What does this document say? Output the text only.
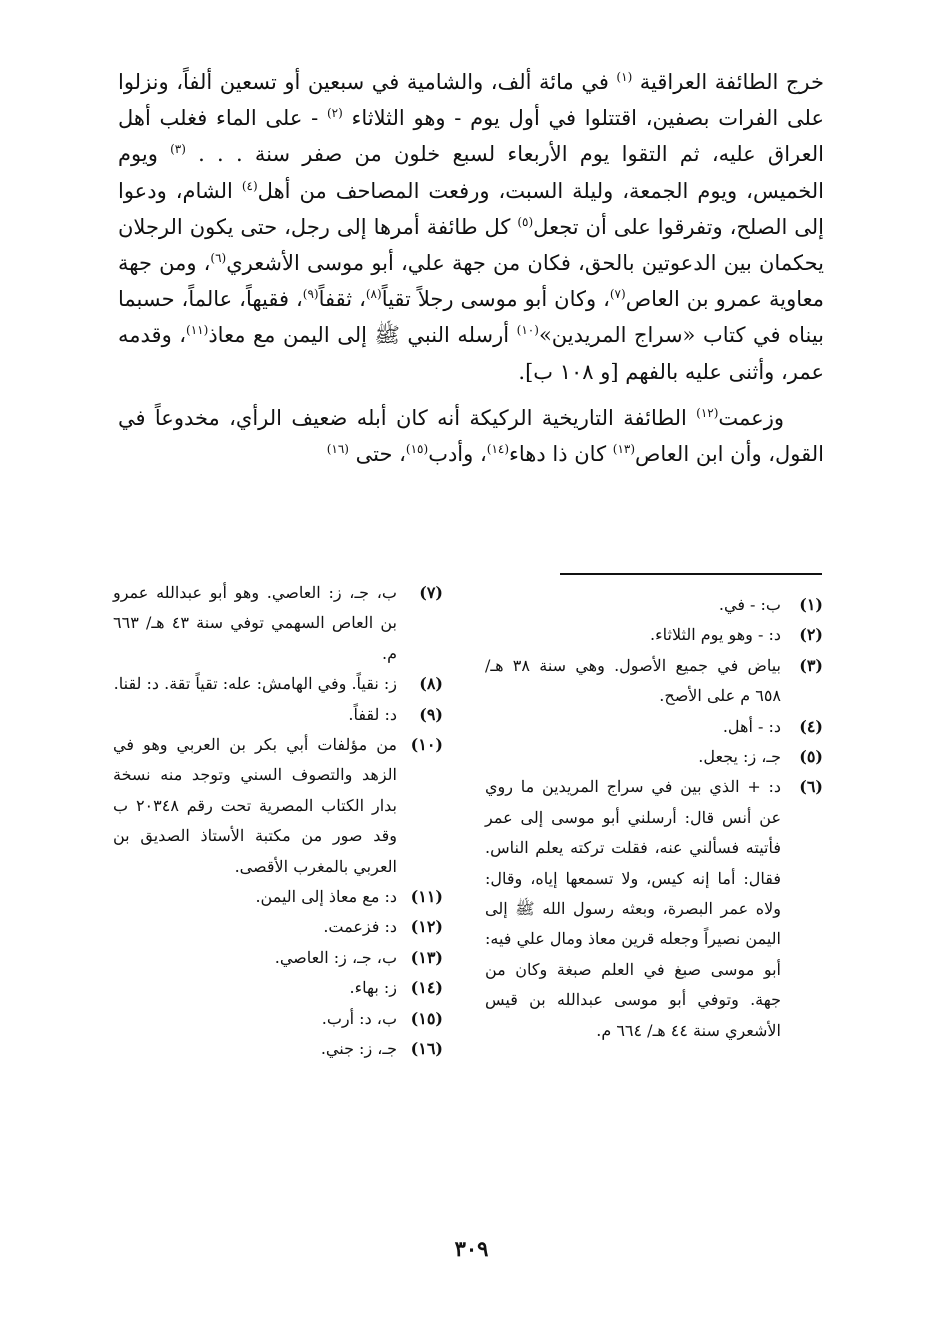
خرج الطائفة العراقية $^{(١)}$ في مائة ألف، والشامية في سبعين أو تسعين ألفاً، ونزلوا على الفرات بصفين، اقتتلوا في أول يوم - وهو الثلاثاء $^{(٢)}$ - على الماء فغلب أهل العراق عليه، ثم التقوا يوم الأربعاء لسبع خلون من صفر سنة . . . $^{(٣)}$ ويوم الخميس، ويوم الجمعة، وليلة السبت، ورفعت المصاحف من أهل$^{(٤)}$ الشام، ودعوا إلى الصلح، وتفرقوا على أن تجعل$^{(٥)}$ كل طائفة أمرها إلى رجل، حتى يكون الرجلان يحكمان بين الدعوتين بالحق، فكان من جهة علي، أبو موسى الأشعري$^{(٦)}$، ومن جهة معاوية عمرو بن العاص$^{(٧)}$، وكان أبو موسى رجلاً تقياً$^{(٨)}$، ثقفاً$^{(٩)}$، فقيهاً، عالماً، حسبما بيناه في كتاب «سراج المريدين»$^{(١٠)}$ أرسله النبي ﷺ إلى اليمن مع معاذ$^{(١١)}$، وقدمه عمر، وأثنى عليه بالفهم [و ١٠٨ ب].

وزعمت$^{(١٢)}$ الطائفة التاريخية الركيكة أنه كان أبله ضعيف الرأي، مخدوعاً في القول، وأن ابن العاص$^{(١٣)}$ كان ذا دهاء$^{(١٤)}$، وأدب$^{(١٥)}$، حتى $^{(١٦)}$

(١)
ب: - في.
(٢)
د: - وهو يوم الثلاثاء.
(٣)
بياض في جميع الأصول. وهي سنة ٣٨ هـ/ ٦٥٨ م على الأصح.
(٤)
د: - أهل.
(٥)
جـ، ز: يجعل.
(٦)
د: + الذي بين في سراج المريدين ما روي عن أنس قال: أرسلني أبو موسى إلى عمر فأتيته فسألني عنه، فقلت تركته يعلم الناس. فقال: أما إنه كيس، ولا تسمعها إياه، وقال: ولاه عمر البصرة، وبعثه رسول الله ﷺ إلى اليمن نصيراً وجعله قرين معاذ ومال علي فيه: أبو موسى صبغ في العلم صبغة وكان من جهة. وتوفي أبو موسى عبدالله بن قيس الأشعري سنة ٤٤ هـ/ ٦٦٤ م.
(٧)
ب، جـ، ز: العاصي. وهو أبو عبدالله عمرو بن العاص السهمي توفي سنة ٤٣ هـ/ ٦٦٣ م.
(٨)
ز: نقياً. وفي الهامش: عله: تقياً تقة. د: لقنا.
(٩)
د: لقفاً.
(١٠)
من مؤلفات أبي بكر بن العربي وهو في الزهد والتصوف السني وتوجد منه نسخة بدار الكتاب المصرية تحت رقم ٢٠٣٤٨ ب وقد صور من مكتبة الأستاذ الصديق بن العربي بالمغرب الأقصى.
(١١)
د: مع معاذ إلى اليمن.
(١٢)
د: فزعمت.
(١٣)
ب، جـ، ز: العاصي.
(١٤)
ز: بهاء.
(١٥)
ب، د: أرب.
(١٦)
جـ، ز: جني.
٣٠٩
